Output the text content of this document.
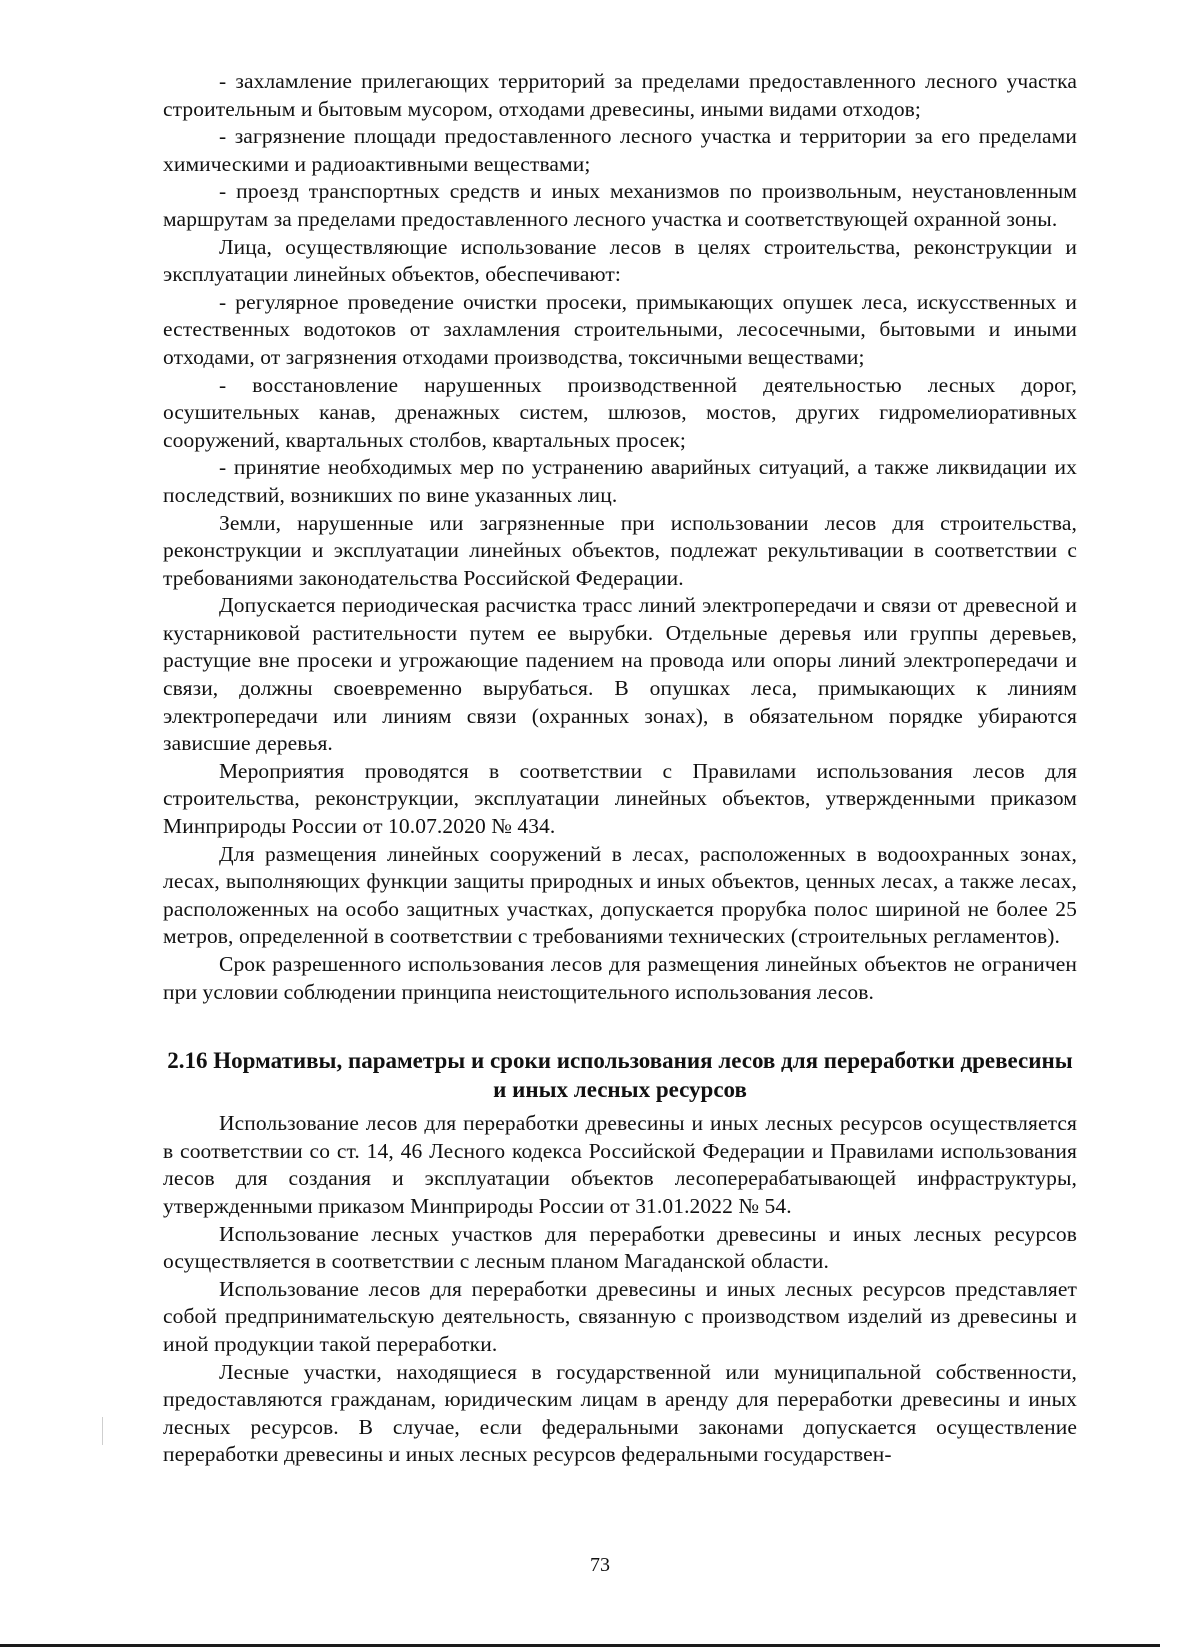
- захламление прилегающих территорий за пределами предоставленного лесного участка строительным и бытовым мусором, отходами древесины, иными видами отходов;

- загрязнение площади предоставленного лесного участка и территории за его пределами химическими и радиоактивными веществами;

- проезд транспортных средств и иных механизмов по произвольным, неустановленным маршрутам за пределами предоставленного лесного участка и соответствующей охранной зоны.

Лица, осуществляющие использование лесов в целях строительства, реконструкции и эксплуатации линейных объектов, обеспечивают:

- регулярное проведение очистки просеки, примыкающих опушек леса, искусственных и естественных водотоков от захламления строительными, лесосечными, бытовыми и иными отходами, от загрязнения отходами производства, токсичными веществами;

- восстановление нарушенных производственной деятельностью лесных дорог, осушительных канав, дренажных систем, шлюзов, мостов, других гидромелиоративных сооружений, квартальных столбов, квартальных просек;

- принятие необходимых мер по устранению аварийных ситуаций, а также ликвидации их последствий, возникших по вине указанных лиц.

Земли, нарушенные или загрязненные при использовании лесов для строительства, реконструкции и эксплуатации линейных объектов, подлежат рекультивации в соответствии с требованиями законодательства Российской Федерации.

Допускается периодическая расчистка трасс линий электропередачи и связи от древесной и кустарниковой растительности путем ее вырубки. Отдельные деревья или группы деревьев, растущие вне просеки и угрожающие падением на провода или опоры линий электропередачи и связи, должны своевременно вырубаться. В опушках леса, примыкающих к линиям электропередачи или линиям связи (охранных зонах), в обязательном порядке убираются зависшие деревья.

Мероприятия проводятся в соответствии с Правилами использования лесов для строительства, реконструкции, эксплуатации линейных объектов, утвержденными приказом Минприроды России от 10.07.2020 № 434.

Для размещения линейных сооружений в лесах, расположенных в водоохранных зонах, лесах, выполняющих функции защиты природных и иных объектов, ценных лесах, а также лесах, расположенных на особо защитных участках, допускается прорубка полос шириной не более 25 метров, определенной в соответствии с требованиями технических (строительных регламентов).

Срок разрешенного использования лесов для размещения линейных объектов не ограничен при условии соблюдении принципа неистощительного использования лесов.

2.16 Нормативы, параметры и сроки использования лесов для переработки древесины и иных лесных ресурсов

Использование лесов для переработки древесины и иных лесных ресурсов осуществляется в соответствии со ст. 14, 46 Лесного кодекса Российской Федерации и Правилами использования лесов для создания и эксплуатации объектов лесоперерабатывающей инфраструктуры, утвержденными приказом Минприроды России от 31.01.2022 № 54.

Использование лесных участков для переработки древесины и иных лесных ресурсов осуществляется в соответствии с лесным планом Магаданской области.

Использование лесов для переработки древесины и иных лесных ресурсов представляет собой предпринимательскую деятельность, связанную с производством изделий из древесины и иной продукции такой переработки.

Лесные участки, находящиеся в государственной или муниципальной собственности, предоставляются гражданам, юридическим лицам в аренду для переработки древесины и иных лесных ресурсов. В случае, если федеральными законами допускается осуществление переработки древесины и иных лесных ресурсов федеральными государствен-

73
